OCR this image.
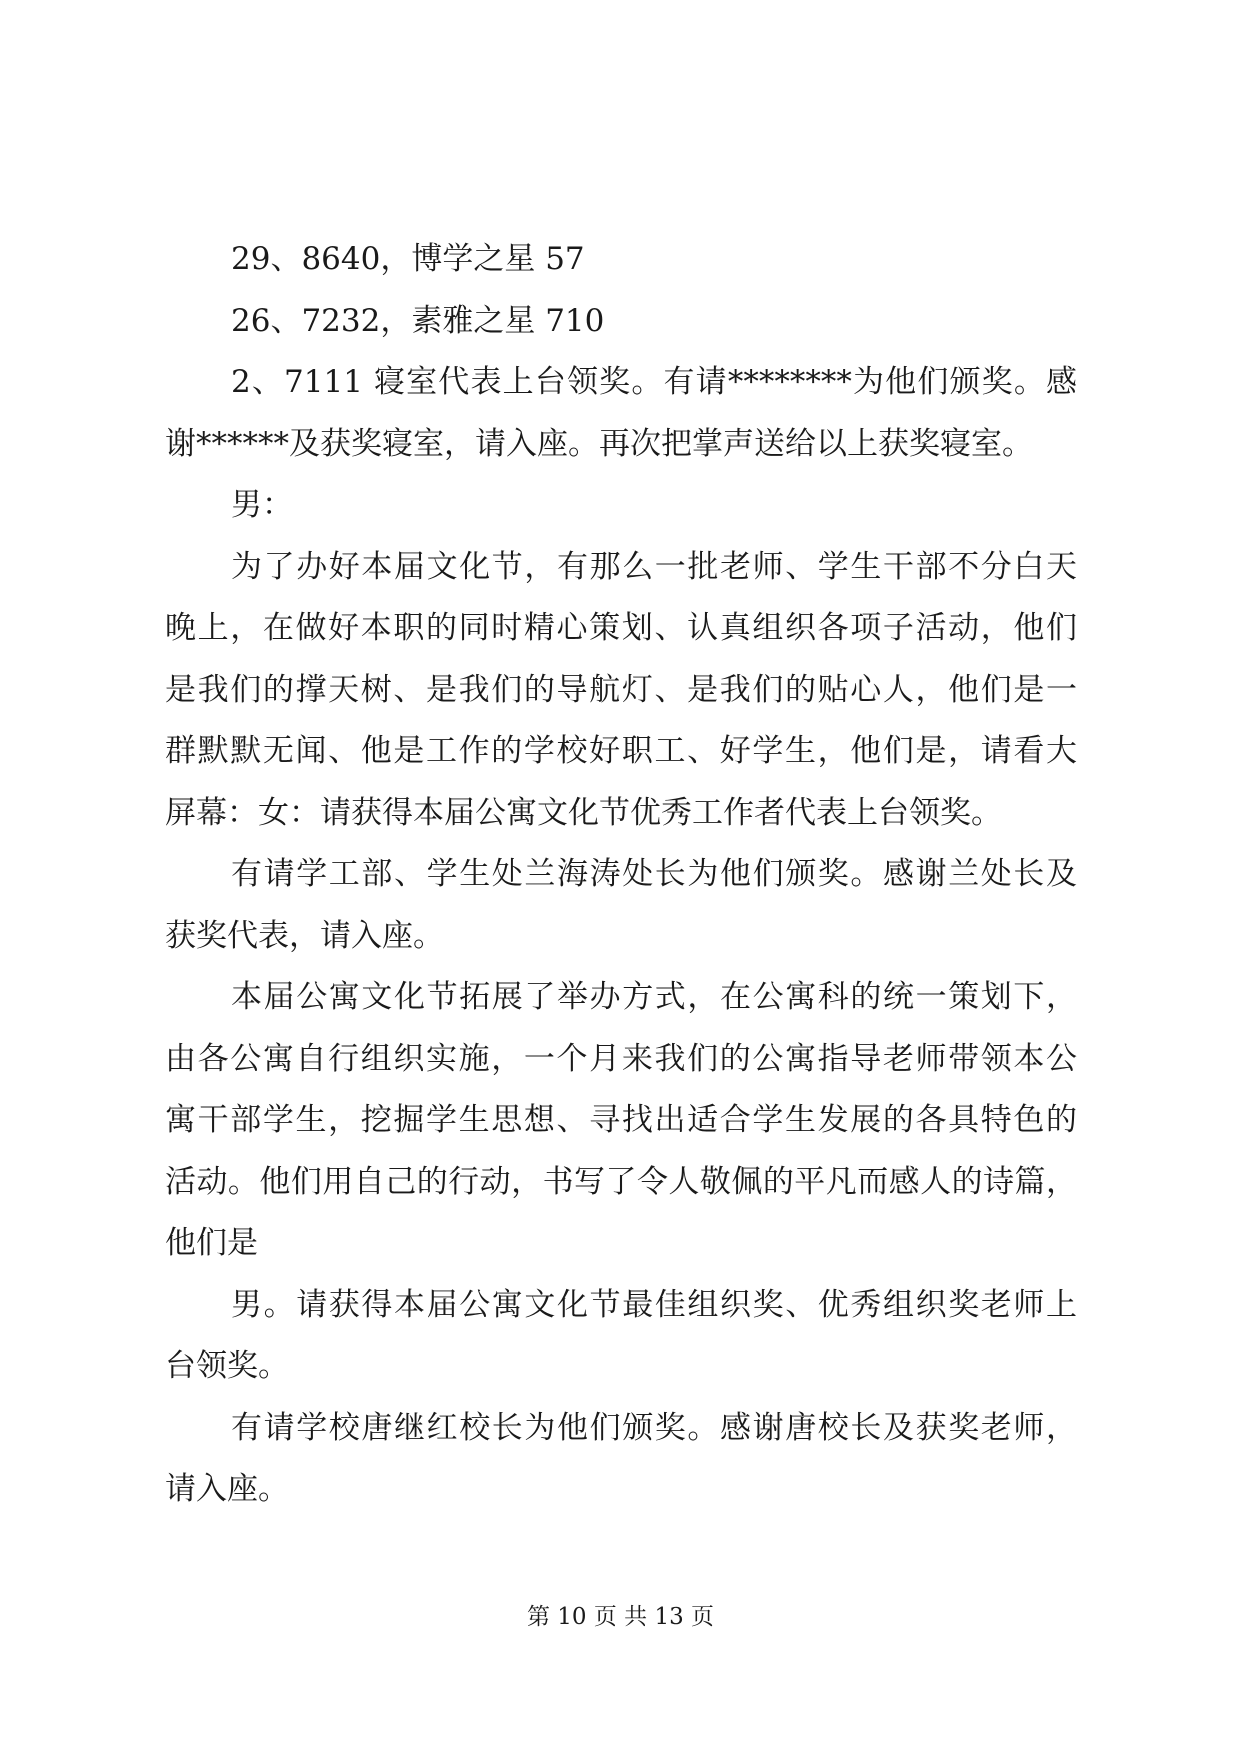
29、8640，博学之星 57
26、7232，素雅之星 710
2、7111 寝室代表上台领奖。有请********为他们颁奖。感
谢******及获奖寝室，请入座。再次把掌声送给以上获奖寝室。
男：
为了办好本届文化节，有那么一批老师、学生干部不分白天
晚上，在做好本职的同时精心策划、认真组织各项子活动，他们
是我们的撑天树、是我们的导航灯、是我们的贴心人，他们是一
群默默无闻、他是工作的学校好职工、好学生，他们是，请看大
屏幕：女：请获得本届公寓文化节优秀工作者代表上台领奖。
有请学工部、学生处兰海涛处长为他们颁奖。感谢兰处长及
获奖代表，请入座。
本届公寓文化节拓展了举办方式，在公寓科的统一策划下，
由各公寓自行组织实施，一个月来我们的公寓指导老师带领本公
寓干部学生，挖掘学生思想、寻找出适合学生发展的各具特色的
活动。他们用自己的行动，书写了令人敬佩的平凡而感人的诗篇，
他们是
男。请获得本届公寓文化节最佳组织奖、优秀组织奖老师上
台领奖。
有请学校唐继红校长为他们颁奖。感谢唐校长及获奖老师，
请入座。
第 10 页 共 13 页
